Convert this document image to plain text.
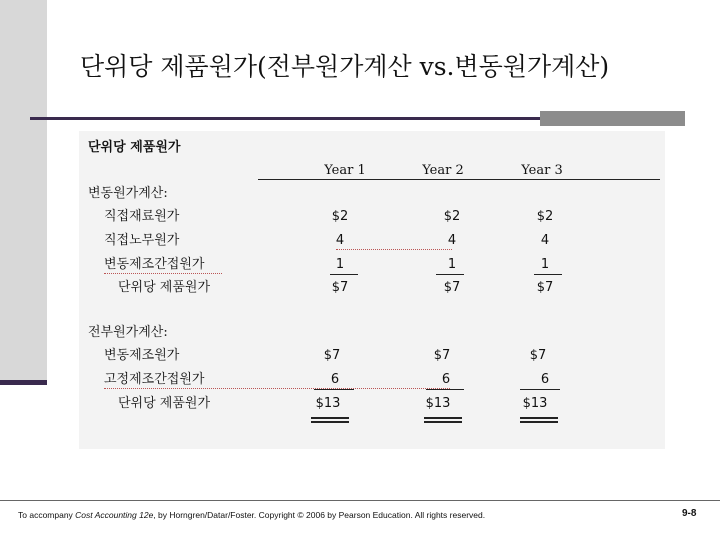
단위당 제품원가(전부원가계산 vs.변동원가계산)
단위당 제품원가
Year 1	Year 2	Year 3
변동원가계산:
직접재료원가	$2	$2	$2
직접노무원가	4	4	4
변동제조간접원가	1	1	1
단위당 제품원가	$7	$7	$7
전부원가계산:
변동제조원가	$7	$7	$7
고정제조간접원가	6	6	6
단위당 제품원가	$13	$13	$13
To accompany Cost Accounting 12e, by Horngren/Datar/Foster. Copyright © 2006 by Pearson Education. All rights reserved.	9-8
